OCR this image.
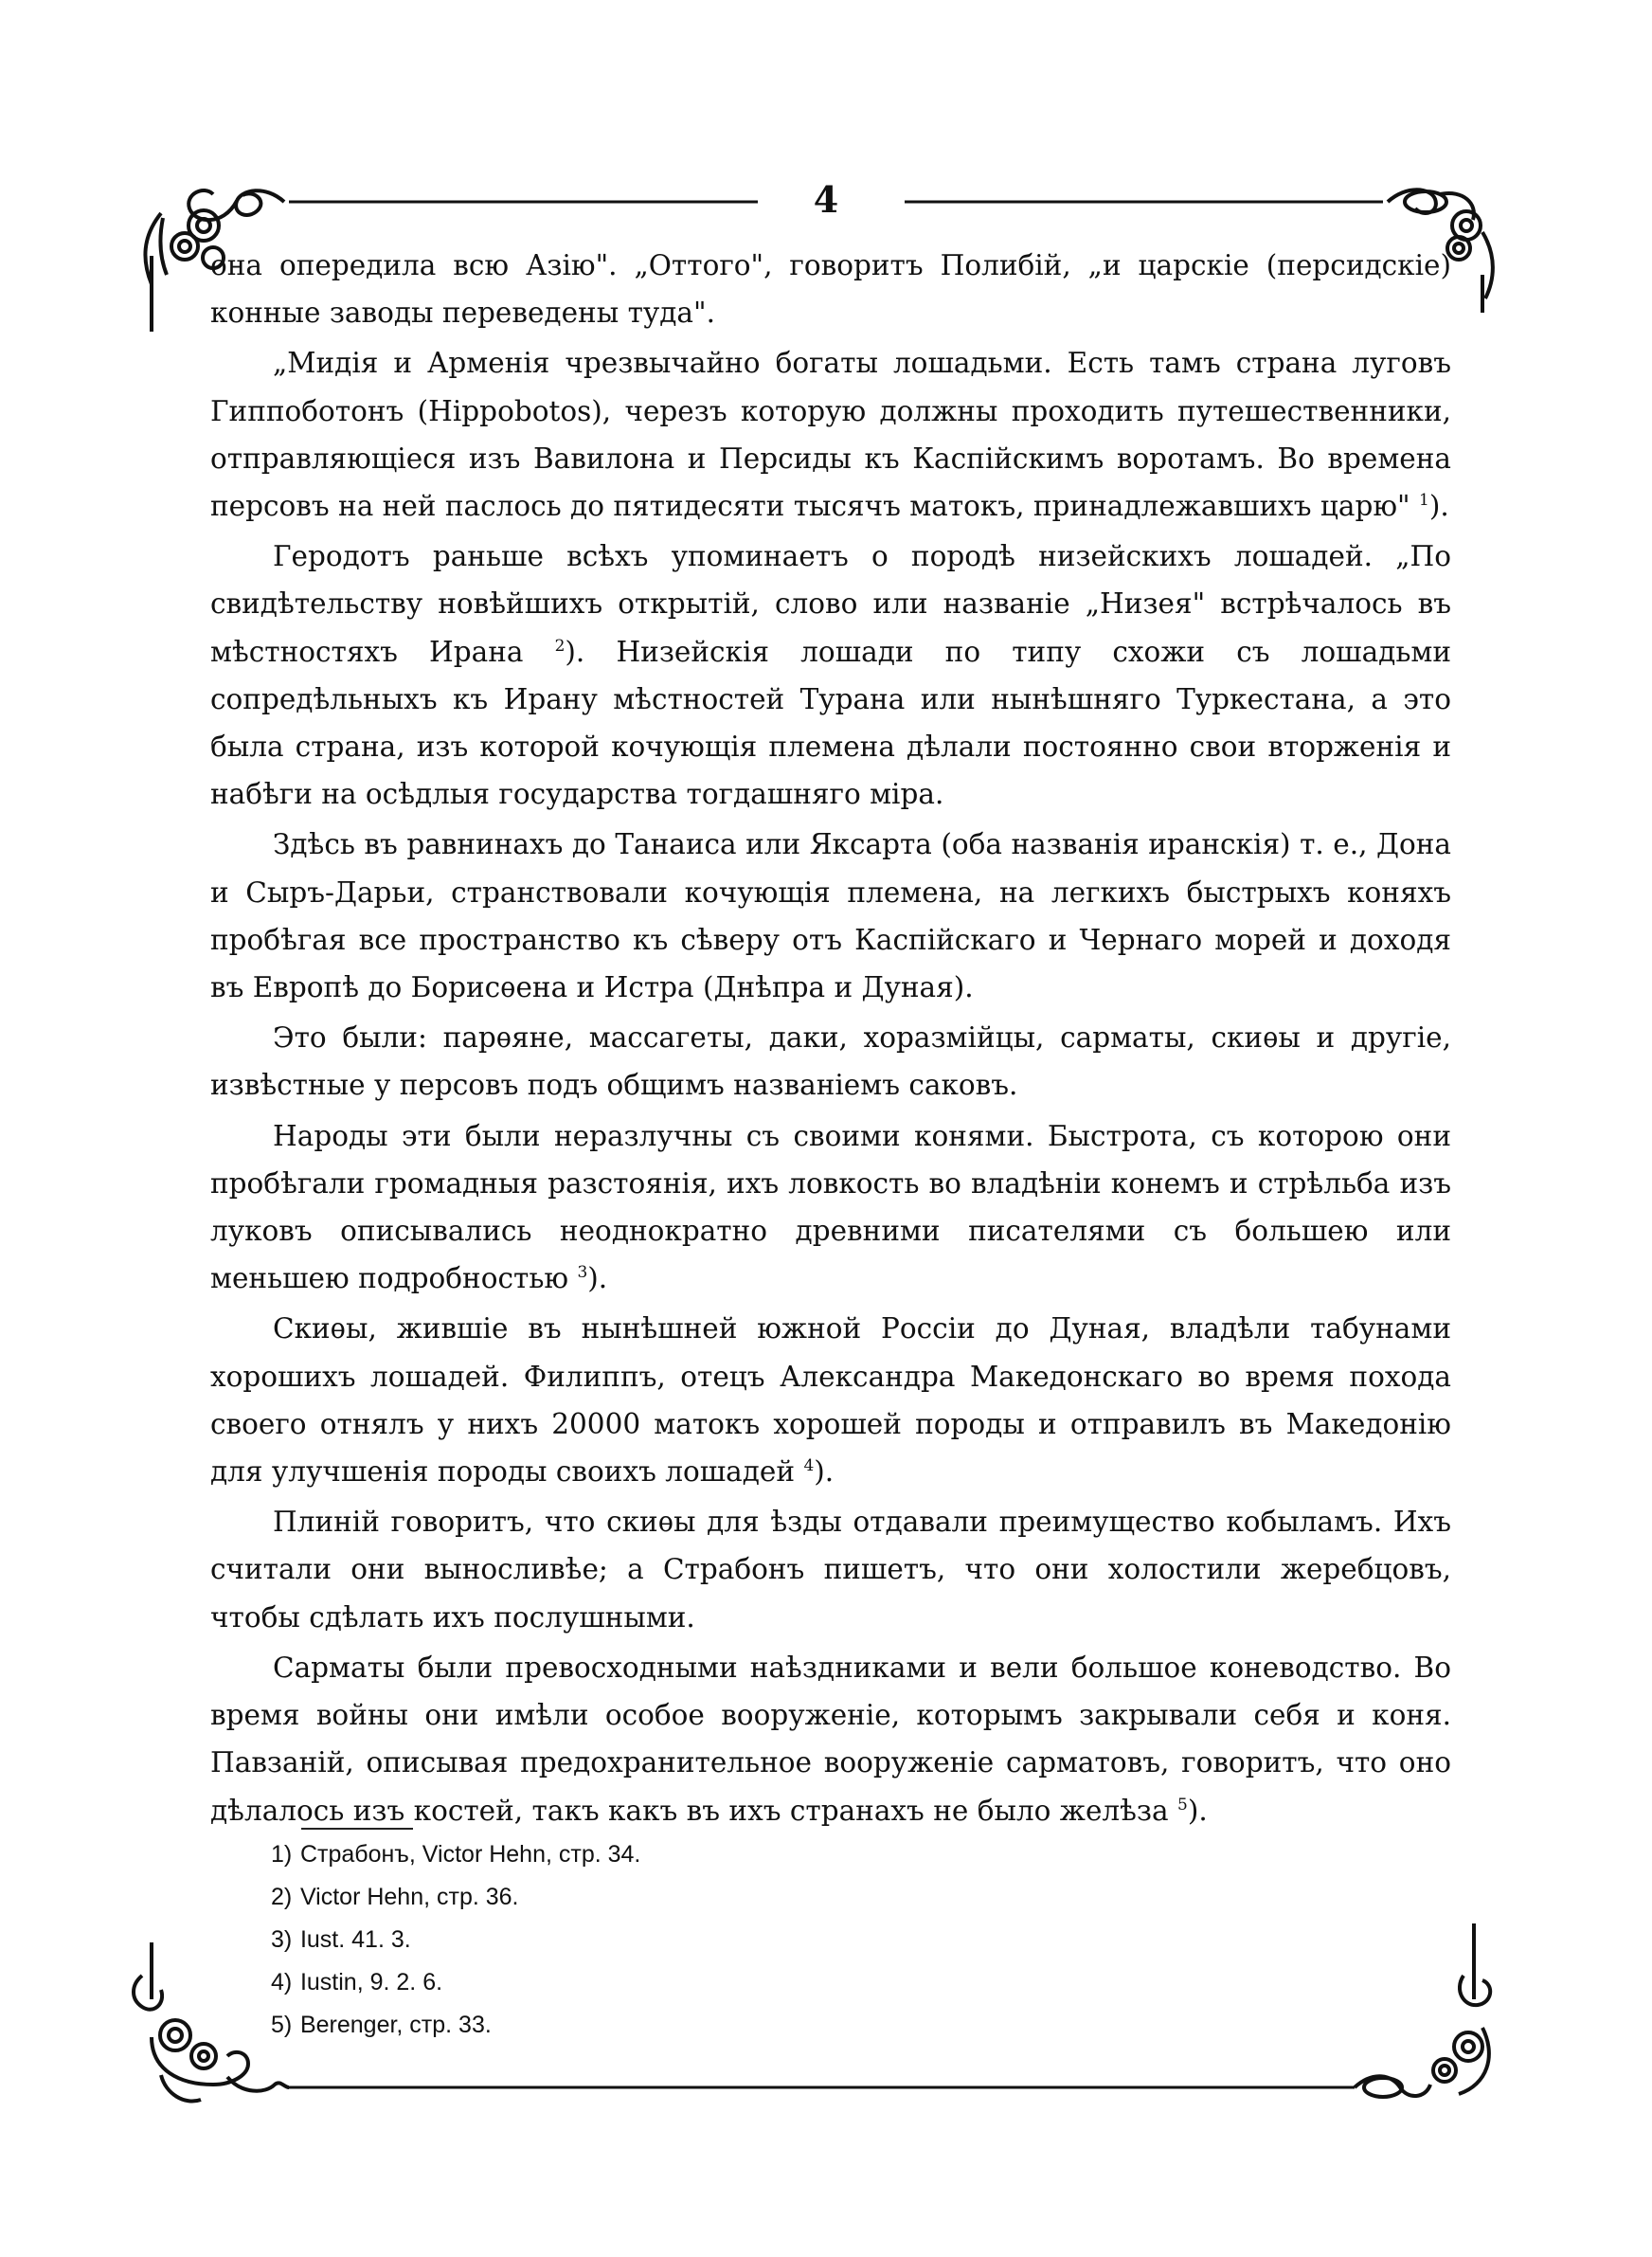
4

она опередила всю Азію". „Оттого", говоритъ Полибій, „и царскіе (персидскіе) конные заводы переведены туда".

„Мидія и Арменія чрезвычайно богаты лошадьми. Есть тамъ страна луговъ Гиппоботонъ (Hippobotos), черезъ которую должны проходить путешественники, отправляющіеся изъ Вавилона и Персиды къ Каспійскимъ воротамъ. Во времена персовъ на ней паслось до пятидесяти тысячъ матокъ, принадлежавшихъ царю" $^1$).

Геродотъ раньше всѣхъ упоминаетъ о породѣ низейскихъ лошадей. „По свидѣтельству новѣйшихъ открытій, слово или названіе „Низея" встрѣчалось въ мѣстностяхъ Ирана $^2$). Низейскія лошади по типу схожи съ лошадьми сопредѣльныхъ къ Ирану мѣстностей Турана или нынѣшняго Туркестана, а это была страна, изъ которой кочующія племена дѣлали постоянно свои вторженія и набѣги на осѣдлыя государства тогдашняго міра.

Здѣсь въ равнинахъ до Танаиса или Яксарта (оба названія иранскія) т. е., Дона и Сыръ-Дарьи, странствовали кочующія племена, на легкихъ быстрыхъ коняхъ пробѣгая все пространство къ сѣверу отъ Каспійскаго и Чернаго морей и доходя въ Европѣ до Борисѳена и Истра (Днѣпра и Дуная).

Это были: парѳяне, массагеты, даки, хоразмійцы, сарматы, скиѳы и другіе, извѣстные у персовъ подъ общимъ названіемъ саковъ.

Народы эти были неразлучны съ своими конями. Быстрота, съ которою они пробѣгали громадныя разстоянія, ихъ ловкость во владѣніи конемъ и стрѣльба изъ луковъ описывались неоднократно древними писателями съ большею или меньшею подробностью $^3$).

Скиѳы, жившіе въ нынѣшней южной Россіи до Дуная, владѣли табунами хорошихъ лошадей. Филиппъ, отецъ Александра Македонскаго во время похода своего отнялъ у нихъ 20000 матокъ хорошей породы и отправилъ въ Македонію для улучшенія породы своихъ лошадей $^4$).

Плиній говоритъ, что скиѳы для ѣзды отдавали преимущество кобыламъ. Ихъ считали они выносливѣе; а Страбонъ пишетъ, что они холостили жеребцовъ, чтобы сдѣлать ихъ послушными.

Сарматы были превосходными наѣздниками и вели большое коневодство. Во время войны они имѣли особое вооруженіе, которымъ закрывали себя и коня. Павзаній, описывая предохранительное вооруженіе сарматовъ, говоритъ, что оно дѣлалось изъ костей, такъ какъ въ ихъ странахъ не было желѣза $^5$).

1) Страбонъ, Victor Hehn, стр. 34.
2) Victor Hehn, стр. 36.
3) Iust. 41. 3.
4) Iustin, 9. 2. 6.
5) Berenger, стр. 33.
